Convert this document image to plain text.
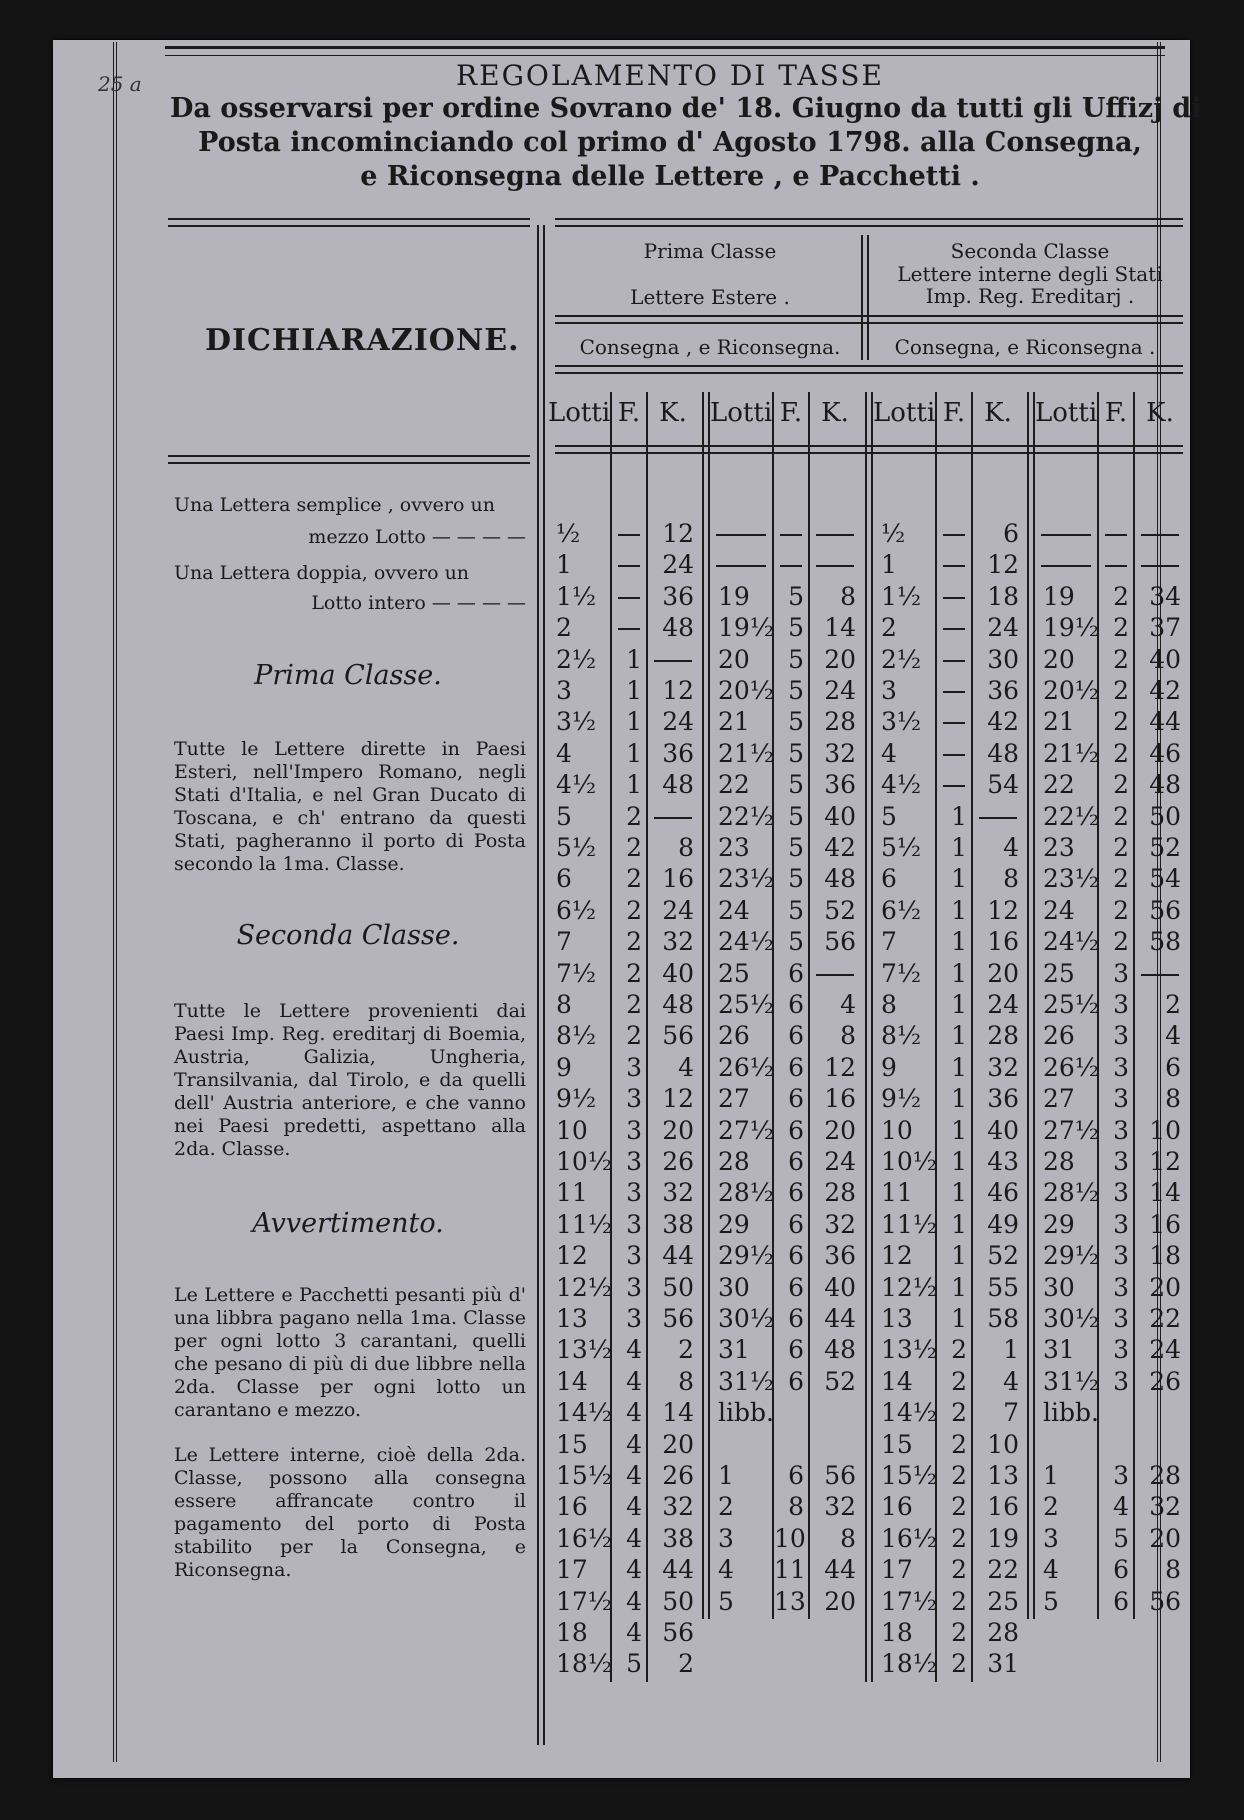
25 a	REGOLAMENTO DI TASSE
Da osservarsi per ordine Sovrano de' 18. Giugno da tutti gli Uffizj di
Posta incominciando col primo d' Agosto 1798. alla Consegna,
e Riconsegna delle Lettere , e Pacchetti .
DICHIARAZIONE.
Prima Classe
Lettere Estere .
Seconda Classe
Lettere interne degli Stati
Imp. Reg. Ereditarj .
Consegna , e Riconsegna.	Consegna, e Riconsegna .
Lotti F. K. Lotti F. K. Lotti F. K. Lotti F. K.
Una Lettera semplice , ovvero un
mezzo Lotto — — — —
Una Lettera doppia, ovvero un
Lotto intero — — — —
Prima Classe.
Tutte le Lettere dirette in Paesi Esteri, nell'Impero Romano, negli Stati d'Italia, e nel Gran Ducato di Toscana, e ch' entrano da questi Stati, pagheranno il porto di Posta secondo la 1ma. Classe.
Seconda Classe.
Tutte le Lettere provenienti dai Paesi Imp. Reg. ereditarj di Boemia, Austria, Galizia, Ungheria, Transilvania, dal Tirolo, e da quelli dell' Austria anteriore, e che vanno nei Paesi predetti, aspettano alla 2da. Classe.
Avvertimento.
Le Lettere e Pacchetti pesanti più d' una libbra pagano nella 1ma. Classe per ogni lotto 3 carantani, quelli che pesano di più di due libbre nella 2da. Classe per ogni lotto un carantano e mezzo.
Le Lettere interne, cioè della 2da. Classe, possono alla consegna essere affrancate contro il pagamento del porto di Posta stabilito per la Consegna, e Riconsegna.
½
1
1½
2
2½
3
3½
4
4½
5
5½
6
6½
7
7½
8
8½
9
9½
10
10½
11
11½
12
12½
13
13½
14
14½
15
15½
16
16½
17
17½
18
18½
1
1
1
1
1
2
2
2
2
2
2
2
2
3
3
3
3
3
3
3
3
3
4
4
4
4
4
4
4
4
4
4
5
12
24
36
48
12
24
36
48
8
16
24
32
40
48
56
4
12
20
26
32
38
44
50
56
2
8
14
20
26
32
38
44
50
56
2
19
19½
20
20½
21
21½
22
22½
23
23½
24
24½
25
25½
26
26½
27
27½
28
28½
29
29½
30
30½
31
31½
libb.
1
2
3
4
5
5
5
5
5
5
5
5
5
5
5
5
5
6
6
6
6
6
6
6
6
6
6
6
6
6
6
6
8
10
11
13
8
14
20
24
28
32
36
40
42
48
52
56
4
8
12
16
20
24
28
32
36
40
44
48
52
56
32
8
44
20
½
1
1½
2
2½
3
3½
4
4½
5
5½
6
6½
7
7½
8
8½
9
9½
10
10½
11
11½
12
12½
13
13½
14
14½
15
15½
16
16½
17
17½
18
18½
1
1
1
1
1
1
1
1
1
1
1
1
1
1
1
1
1
2
2
2
2
2
2
2
2
2
2
2
6
12
18
24
30
36
42
48
54
4
8
12
16
20
24
28
32
36
40
43
46
49
52
55
58
1
4
7
10
13
16
19
22
25
28
31
19
19½
20
20½
21
21½
22
22½
23
23½
24
24½
25
25½
26
26½
27
27½
28
28½
29
29½
30
30½
31
31½
libb.
1
2
3
4
5
2
2
2
2
2
2
2
2
2
2
2
2
3
3
3
3
3
3
3
3
3
3
3
3
3
3
3
4
5
6
6
34
37
40
42
44
46
48
50
52
54
56
58
2
4
6
8
10
12
14
16
18
20
22
24
26
28
32
20
8
56
